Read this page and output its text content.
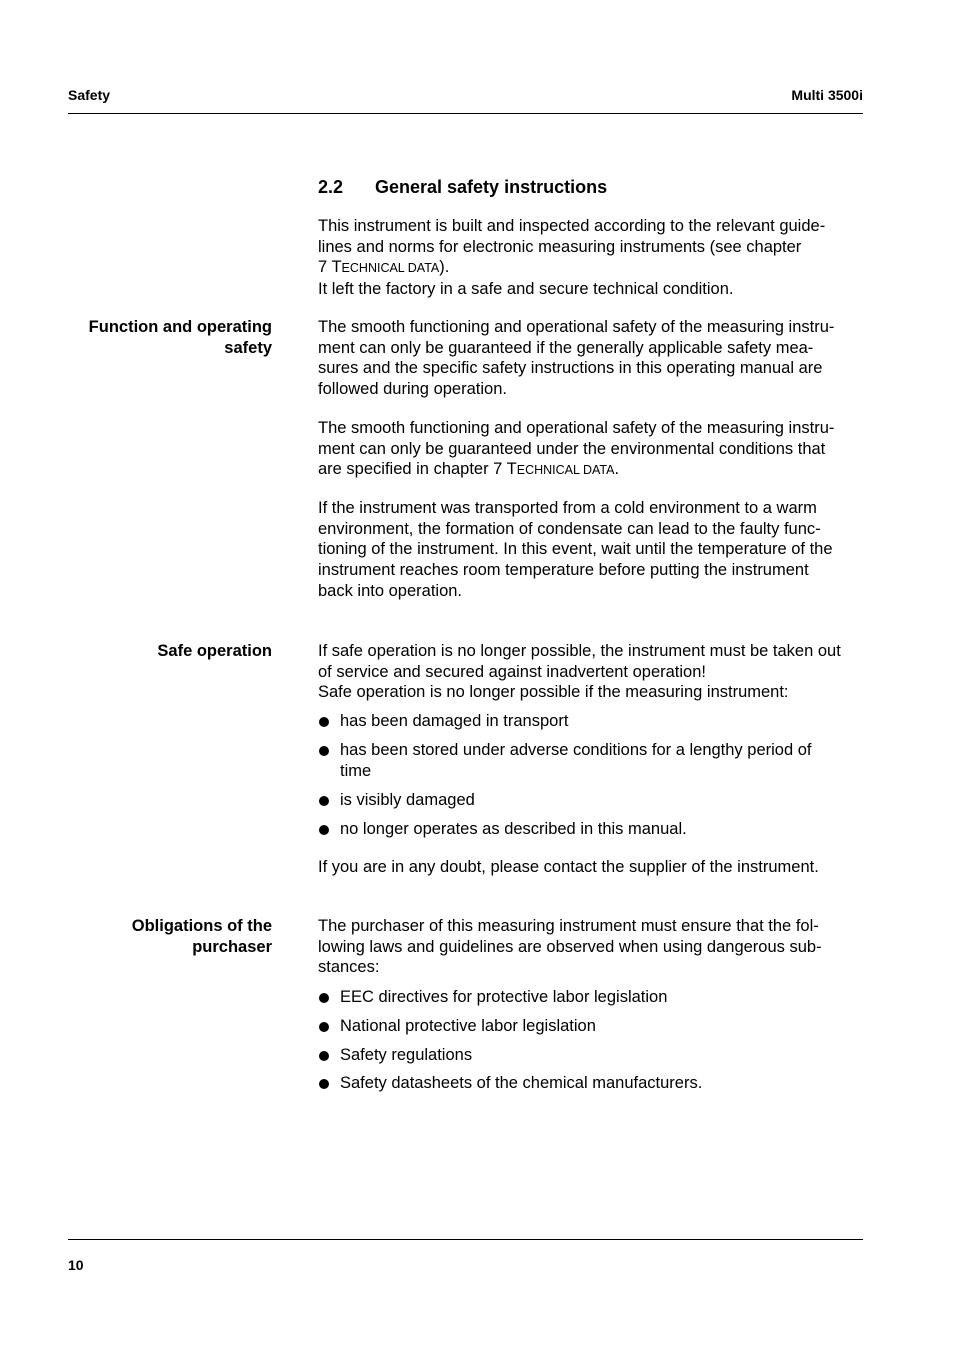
Safety	Multi 3500i
2.2 General safety instructions
This instrument is built and inspected according to the relevant guide-
lines and norms for electronic measuring instruments (see chapter
7 TECHNICAL DATA).
It left the factory in a safe and secure technical condition.
Function and operating
safety
The smooth functioning and operational safety of the measuring instru-
ment can only be guaranteed if the generally applicable safety mea-
sures and the specific safety instructions in this operating manual are
followed during operation.
The smooth functioning and operational safety of the measuring instru-
ment can only be guaranteed under the environmental conditions that
are specified in chapter 7 TECHNICAL DATA.
If the instrument was transported from a cold environment to a warm
environment, the formation of condensate can lead to the faulty func-
tioning of the instrument. In this event, wait until the temperature of the
instrument reaches room temperature before putting the instrument
back into operation.
Safe operation	If safe operation is no longer possible, the instrument must be taken out
of service and secured against inadvertent operation!
Safe operation is no longer possible if the measuring instrument:
has been damaged in transport
has been stored under adverse conditions for a lengthy period of
time
is visibly damaged
no longer operates as described in this manual.
If you are in any doubt, please contact the supplier of the instrument.
Obligations of the
purchaser
The purchaser of this measuring instrument must ensure that the fol-
lowing laws and guidelines are observed when using dangerous sub-
stances:
EEC directives for protective labor legislation
National protective labor legislation
Safety regulations
Safety datasheets of the chemical manufacturers.
10
